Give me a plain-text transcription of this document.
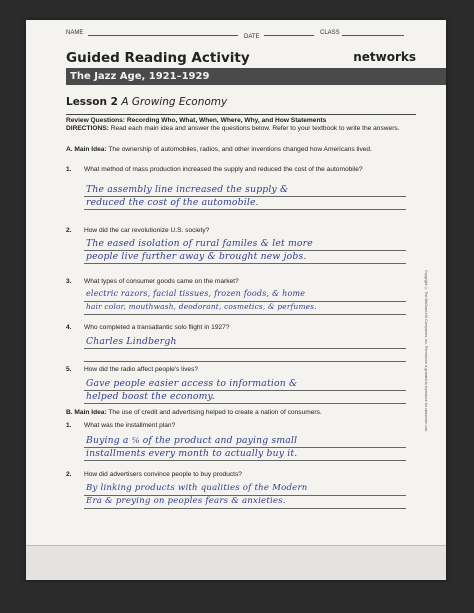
NAME
DATE
CLASS
Guided Reading Activity	networks
The Jazz Age, 1921–1929
Lesson 2 A Growing Economy
Review Questions: Recording Who, What, When, Where, Why, and How Statements
DIRECTIONS: Read each main idea and answer the questions below. Refer to your textbook to write the answers.
A. Main Idea: The ownership of automobiles, radios, and other inventions changed how Americans lived.
1. What method of mass production increased the supply and reduced the cost of the automobile?
The assembly line increased the supply &
reduced the cost of the automobile.
2. How did the car revolutionize U.S. society?
The eased isolation of rural familes & let more
people live further away & brought new jobs.
3. What types of consumer goods came on the market?
electric razors, facial tissues, frozen foods, & home
hair color, mouthwash, deodorant, cosmetics, & perfumes.
4. Who completed a transatlantic solo flight in 1927?
Charles Lindbergh
5. How did the radio affect people's lives?
Gave people easier access to information &
helped boost the economy.
B. Main Idea: The use of credit and advertising helped to create a nation of consumers.
1. What was the installment plan?
Buying a ℅ of the product and paying small
installments every month to actually buy it.
2. How did advertisers convince people to buy products?
By linking products with qualities of the Modern
Era & preying on peoples fears & anxieties.
Copyright © The McGraw-Hill Companies, Inc. Permission is granted to reproduce for classroom use.
